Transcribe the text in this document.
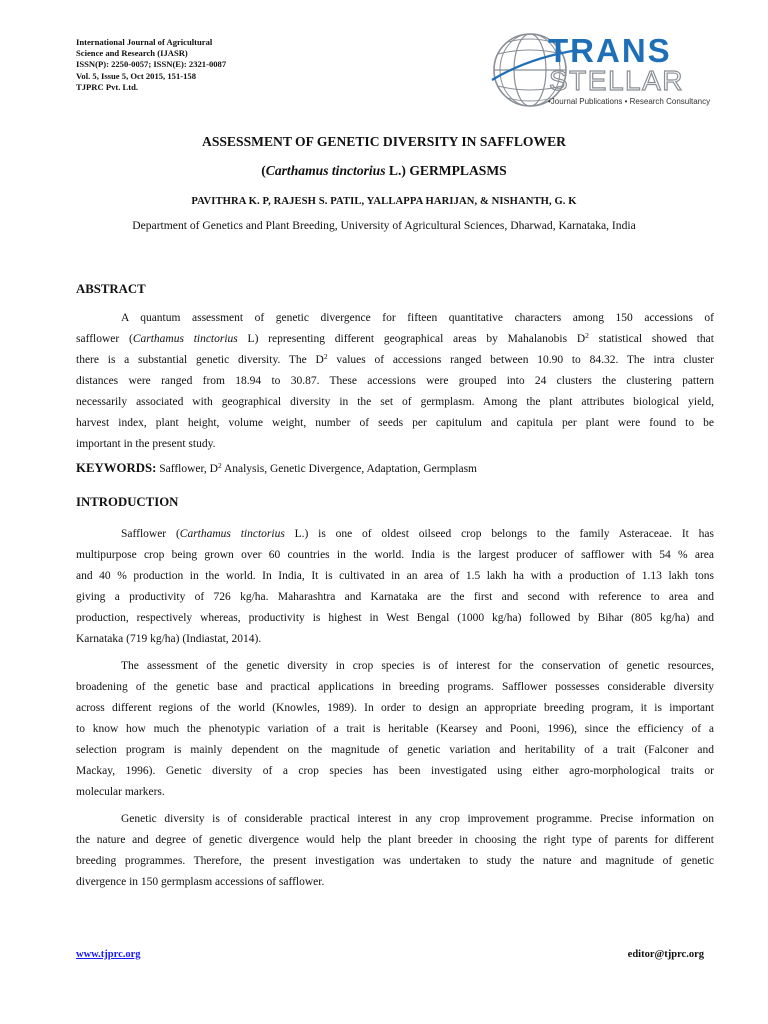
International Journal of Agricultural
Science and Research (IJASR)
ISSN(P): 2250-0057; ISSN(E): 2321-0087
Vol. 5, Issue 5, Oct 2015, 151-158
TJPRC Pvt. Ltd.
TRANS
STELLAR
•Journal Publications • Research Consultancy
ASSESSMENT OF GENETIC DIVERSITY IN SAFFLOWER
(Carthamus tinctorius L.) GERMPLASMS
PAVITHRA K. P, RAJESH S. PATIL, YALLAPPA HARIJAN, & NISHANTH, G. K
Department of Genetics and Plant Breeding, University of Agricultural Sciences, Dharwad, Karnataka, India
ABSTRACT
A quantum assessment of genetic divergence for fifteen quantitative characters among 150 accessions of
safflower (Carthamus tinctorius L) representing different geographical areas by Mahalanobis $D^2$ statistical showed that
there is a substantial genetic diversity. The $D^2$ values of accessions ranged between 10.90 to 84.32. The intra cluster
distances were ranged from 18.94 to 30.87. These accessions were grouped into 24 clusters the clustering pattern
necessarily associated with geographical diversity in the set of germplasm. Among the plant attributes biological yield,
harvest index, plant height, volume weight, number of seeds per capitulum and capitula per plant were found to be
important in the present study.
KEYWORDS: Safflower, $D^2$ Analysis, Genetic Divergence, Adaptation, Germplasm
INTRODUCTION
Safflower (Carthamus tinctorius L.) is one of oldest oilseed crop belongs to the family Asteraceae. It has
multipurpose crop being grown over 60 countries in the world. India is the largest producer of safflower with 54 % area
and 40 % production in the world. In India, It is cultivated in an area of 1.5 lakh ha with a production of 1.13 lakh tons
giving a productivity of 726 kg/ha. Maharashtra and Karnataka are the first and second with reference to area and
production, respectively whereas, productivity is highest in West Bengal (1000 kg/ha) followed by Bihar (805 kg/ha) and
Karnataka (719 kg/ha) (Indiastat, 2014).
The assessment of the genetic diversity in crop species is of interest for the conservation of genetic resources,
broadening of the genetic base and practical applications in breeding programs. Safflower possesses considerable diversity
across different regions of the world (Knowles, 1989). In order to design an appropriate breeding program, it is important
to know how much the phenotypic variation of a trait is heritable (Kearsey and Pooni, 1996), since the efficiency of a
selection program is mainly dependent on the magnitude of genetic variation and heritability of a trait (Falconer and
Mackay, 1996). Genetic diversity of a crop species has been investigated using either agro-morphological traits or
molecular markers.
Genetic diversity is of considerable practical interest in any crop improvement programme. Precise information on
the nature and degree of genetic divergence would help the plant breeder in choosing the right type of parents for different
breeding programmes. Therefore, the present investigation was undertaken to study the nature and magnitude of genetic
divergence in 150 germplasm accessions of safflower.
www.tjprc.org	editor@tjprc.org
